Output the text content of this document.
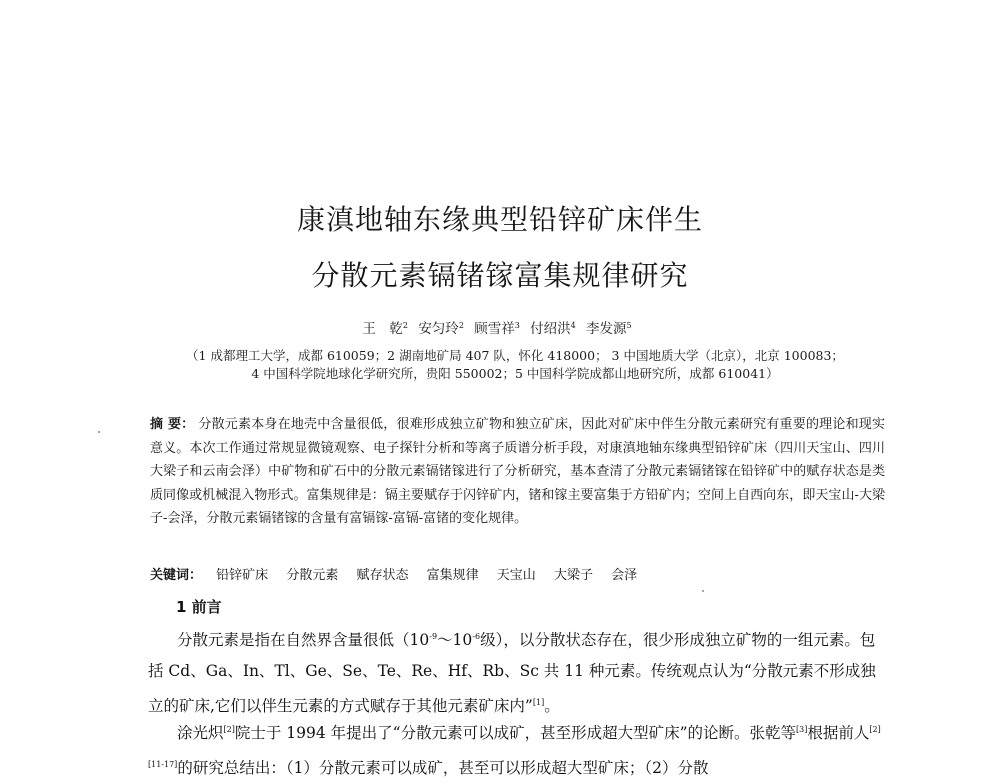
康滇地轴东缘典型铅锌矿床伴生
分散元素镉锗镓富集规律研究
王　乾$^2$ 安匀玲$^2$ 顾雪祥$^3$ 付绍洪$^4$ 李发源$^5$
（1 成都理工大学，成都 610059；2 湖南地矿局 407 队，怀化 418000； 3 中国地质大学（北京），北京 100083；
4 中国科学院地球化学研究所，贵阳 550002；5 中国科学院成都山地研究所，成都 610041）
摘 要： 分散元素本身在地壳中含量很低，很难形成独立矿物和独立矿床，因此对矿床中伴生分散元素研究有重要的理论和现实意义。本次工作通过常规显微镜观察、电子探针分析和等离子质谱分析手段，对康滇地轴东缘典型铅锌矿床（四川天宝山、四川大梁子和云南会泽）中矿物和矿石中的分散元素镉锗镓进行了分析研究，基本查清了分散元素镉锗镓在铅锌矿中的赋存状态是类质同像或机械混入物形式。富集规律是：镉主要赋存于闪锌矿内，锗和镓主要富集于方铅矿内；空间上自西向东，即天宝山-大梁子-会泽，分散元素镉锗镓的含量有富镉镓-富镉-富锗的变化规律。
关键词： 铅锌矿床 分散元素 赋存状态 富集规律 天宝山 大梁子 会泽
1 前言
分散元素是指在自然界含量很低（10$^{-9}$～10$^{-6}$级），以分散状态存在，很少形成独立矿物的一组元素。包括 Cd、Ga、In、Tl、Ge、Se、Te、Re、Hf、Rb、Sc 共 11 种元素。传统观点认为“分散元素不形成独立的矿床,它们以伴生元素的方式赋存于其他元素矿床内”[1]。
涂光炽[2]院士于 1994 年提出了“分散元素可以成矿，甚至形成超大型矿床”的论断。张乾等[3]根据前人[2][11-17]的研究总结出：（1）分散元素可以成矿，甚至可以形成超大型矿床；（2）分散
